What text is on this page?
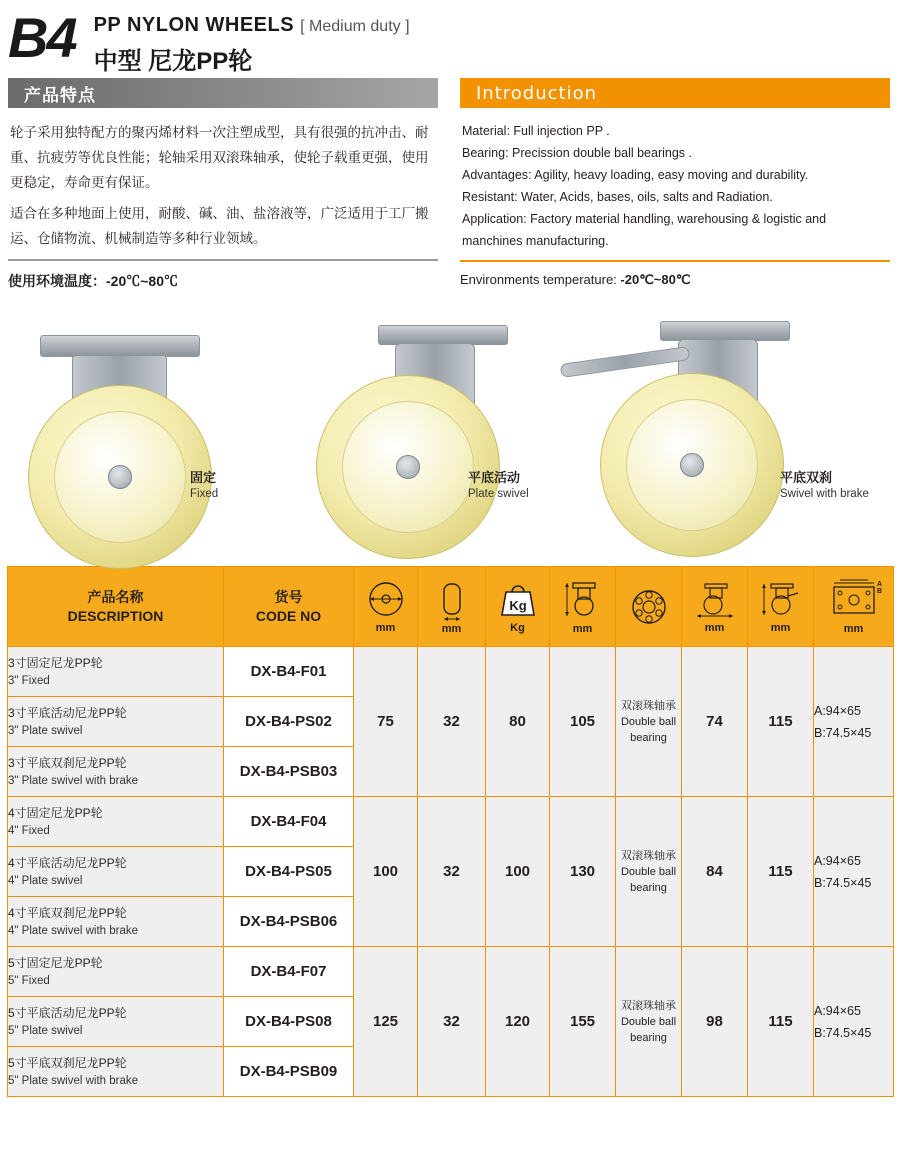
B4 PP NYLON WHEELS [ Medium duty ]
中型 尼龙PP轮
产品特点

轮子采用独特配方的聚丙烯材料一次注塑成型，具有很强的抗冲击、耐重、抗疲劳等优良性能；轮轴采用双滚珠轴承，使轮子载重更强，使用更稳定，寿命更有保证。

适合在多种地面上使用，耐酸、碱、油、盐溶液等，广泛适用于工厂搬运、仓储物流、机械制造等多种行业领域。

使用环境温度：-20℃~80℃
Introduction

Material: Full injection PP .

Bearing: Precission double ball bearings .

Advantages: Agility, heavy loading, easy moving and durability.

Resistant: Water, Acids, bases, oils, salts and Radiation.

Application: Factory material handling, warehousing & logistic and manchines manufacturing.

Environments temperature: -20℃~80℃
固定
Fixed
平底活动
Plate swivel
平底双刹
Swivel with brake
产品名称
DESCRIPTION

货号
CODE NO

mm	mm

Kg
Kg	mm		mm	mm

A
B
mm

3寸固定尼龙PP轮
3" Fixed
	DX-B4-F01	75	32	80	105	
双滚珠轴承
Double ball bearing
	74	115	
A:94×65
B:74.5×45

3寸平底活动尼龙PP轮
3" Plate swivel	DX-B4-PS02								

3寸平底双刹尼龙PP轮
3" Plate swivel with brake	DX-B4-PSB03								

4寸固定尼龙PP轮
4" Fixed
	DX-B4-F04	100	32	100	130	
双滚珠轴承
Double ball bearing
	84	115	
A:94×65
B:74.5×45

4寸平底活动尼龙PP轮
4" Plate swivel	DX-B4-PS05								

4寸平底双刹尼龙PP轮
4" Plate swivel with brake	DX-B4-PSB06								

5寸固定尼龙PP轮
5" Fixed
	DX-B4-F07	125	32	120	155	
双滚珠轴承
Double ball bearing
	98	115	
A:94×65
B:74.5×45

5寸平底活动尼龙PP轮
5" Plate swivel	DX-B4-PS08								

5寸平底双刹尼龙PP轮
5" Plate swivel with brake	DX-B4-PSB09								
